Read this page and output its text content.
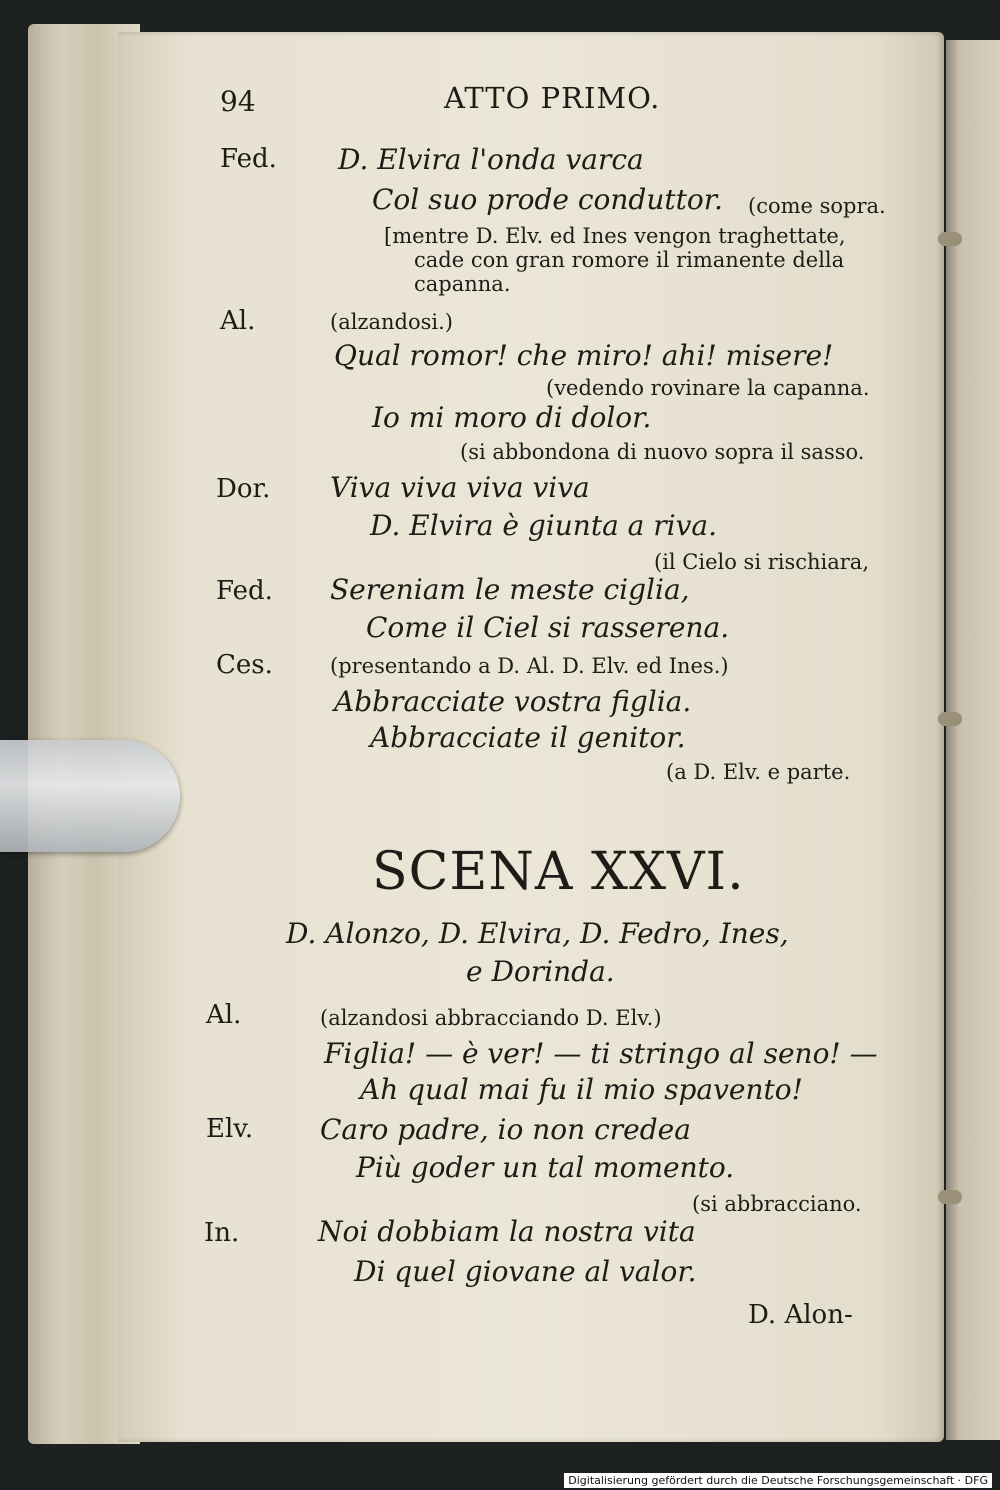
94	ATTO PRIMO.
Fed. D. Elvira l'onda varca
Col suo prode conduttor. (come sopra.
[mentre D. Elv. ed Ines vengon traghettate,
cade con gran romore il rimanente della
capanna.
Al.	(alzandosi.)
Qual romor! che miro! ahi! misere!
(vedendo rovinare la capanna.
Io mi moro di dolor.
(si abbondona di nuovo sopra il sasso.
Dor. Viva viva viva viva
D. Elvira è giunta a riva.
(il Cielo si rischiara,
Fed. Sereniam le meste ciglia,
Come il Ciel si rasserena.
Ces.	(presentando a D. Al. D. Elv. ed Ines.)
Abbracciate vostra figlia.
Abbracciate il genitor.
(a D. Elv. e parte.
SCENA XXVI.
D. Alonzo, D. Elvira, D. Fedro, Ines,
e Dorinda.
Al.	(alzandosi abbracciando D. Elv.)
Figlia! — è ver! — ti stringo al seno! —
Ah qual mai fu il mio spavento!
Elv. Caro padre, io non credea
Più goder un tal momento.
(si abbracciano.
In.	Noi dobbiam la nostra vita
Di quel giovane al valor.
D. Alon-
Digitalisierung gefördert durch die Deutsche Forschungsgemeinschaft · DFG
